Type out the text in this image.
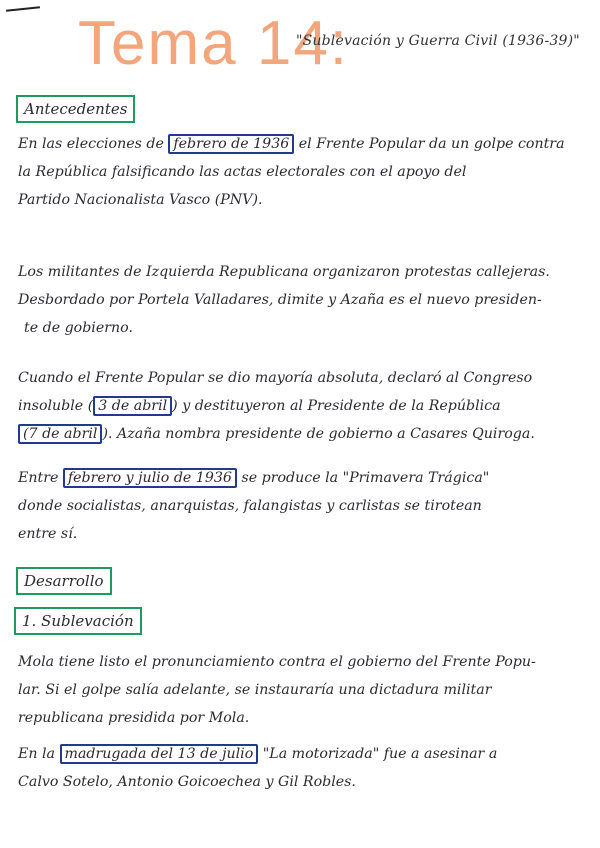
Tema 14:
"Sublevación y Guerra Civil (1936-39)"
Antecedentes
En las elecciones de febrero de 1936 el Frente Popular da un golpe contra
la República falsificando las actas electorales con el apoyo del
Partido Nacionalista Vasco (PNV).
Los militantes de Izquierda Republicana organizaron protestas callejeras.
Desbordado por Portela Valladares, dimite y Azaña es el nuevo presiden-
te de gobierno.
Cuando el Frente Popular se dio mayoría absoluta, declaró al Congreso
insoluble ( 3 de abril ) y destituyeron al Presidente de la República
(7 de abril ). Azaña nombra presidente de gobierno a Casares Quiroga.
Entre febrero y julio de 1936 se produce la "Primavera Trágica"
donde socialistas, anarquistas, falangistas y carlistas se tirotean
entre sí.
Desarrollo
1. Sublevación
Mola tiene listo el pronunciamiento contra el gobierno del Frente Popu-
lar. Si el golpe salía adelante, se instauraría una dictadura militar
republicana presidida por Mola.
En la madrugada del 13 de julio "La motorizada" fue a asesinar a
Calvo Sotelo, Antonio Goicoechea y Gil Robles.
